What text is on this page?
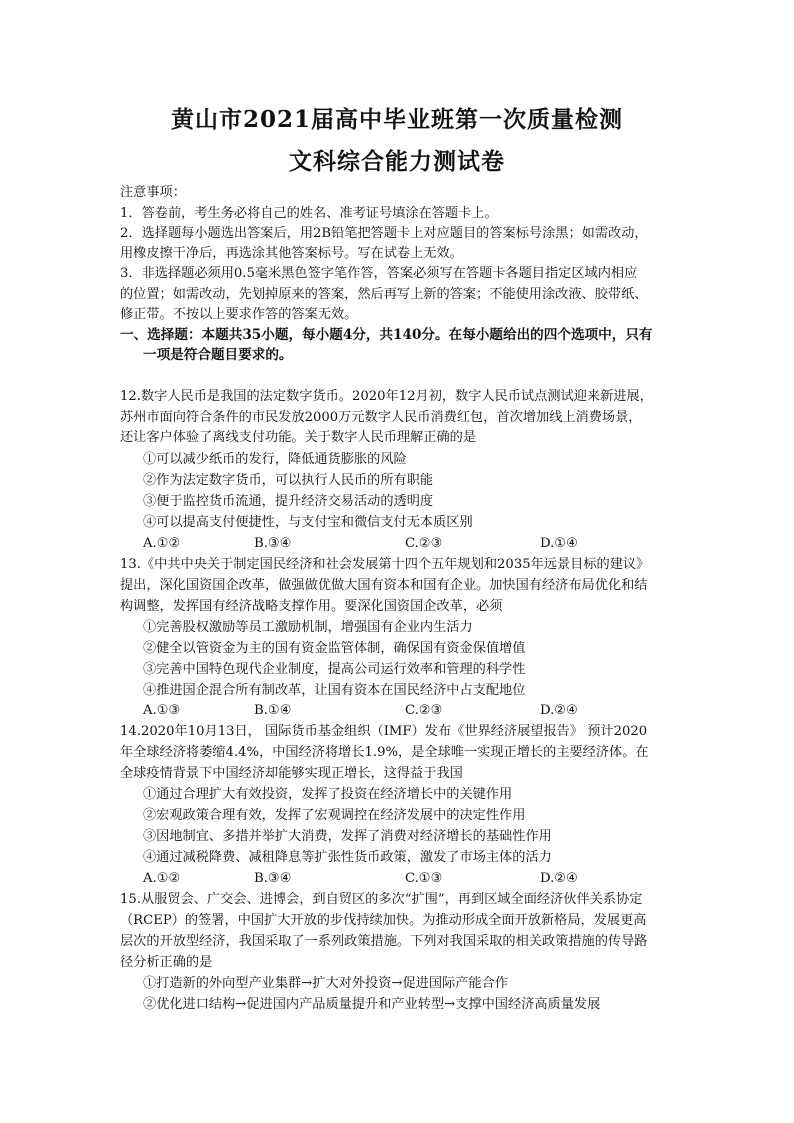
黄山市2021届高中毕业班第一次质量检测
文科综合能力测试卷
注意事项：
1．答卷前，考生务必将自己的姓名、准考证号填涂在答题卡上。
2．选择题每小题选出答案后，用2B铅笔把答题卡上对应题目的答案标号涂黑；如需改动，
用橡皮擦干净后，再选涂其他答案标号。写在试卷上无效。
3．非选择题必须用0.5毫米黑色签字笔作答，答案必须写在答题卡各题目指定区域内相应
的位置；如需改动，先划掉原来的答案，然后再写上新的答案；不能使用涂改液、胶带纸、
修正带。不按以上要求作答的答案无效。
一、选择题：本题共35小题，每小题4分，共140分。在每小题给出的四个选项中，只有
一项是符合题目要求的。
12.数字人民币是我国的法定数字货币。2020年12月初，数字人民币试点测试迎来新进展，
苏州市面向符合条件的市民发放2000万元数字人民币消费红包，首次增加线上消费场景，
还让客户体验了离线支付功能。关于数字人民币理解正确的是
①可以减少纸币的发行，降低通货膨胀的风险
②作为法定数字货币，可以执行人民币的所有职能
③便于监控货币流通，提升经济交易活动的透明度
④可以提高支付便捷性，与支付宝和微信支付无本质区别
A.①②	B.③④	C.②③	D.①④
13.《中共中央关于制定国民经济和社会发展第十四个五年规划和2035年远景目标的建议》
提出，深化国资国企改革，做强做优做大国有资本和国有企业。加快国有经济布局优化和结
构调整，发挥国有经济战略支撑作用。要深化国资国企改革，必须
①完善股权激励等员工激励机制，增强国有企业内生活力
②健全以管资金为主的国有资金监管体制，确保国有资金保值增值
③完善中国特色现代企业制度，提高公司运行效率和管理的科学性
④推进国企混合所有制改革，让国有资本在国民经济中占支配地位
A.①③	B.①④	C.②③	D.②④
14.2020年10月13日， 国际货币基金组织（IMF）发布《世界经济展望报告》 预计2020
年全球经济将萎缩4.4%，中国经济将增长1.9%，是全球唯一实现正增长的主要经济体。在
全球疫情背景下中国经济却能够实现正增长，这得益于我国
①通过合理扩大有效投资，发挥了投资在经济增长中的关键作用
②宏观政策合理有效，发挥了宏观调控在经济发展中的决定性作用
③因地制宜、多措并举扩大消费，发挥了消费对经济增长的基础性作用
④通过减税降费、减租降息等扩张性货币政策，激发了市场主体的活力
A.①②	B.③④	C.①③	D.②④
15.从服贸会、广交会、进博会，到自贸区的多次“扩围”，再到区域全面经济伙伴关系协定
（RCEP）的签署，中国扩大开放的步伐持续加快。为推动形成全面开放新格局，发展更高
层次的开放型经济，我国采取了一系列政策措施。下列对我国采取的相关政策措施的传导路
径分析正确的是
①打造新的外向型产业集群→扩大对外投资→促进国际产能合作
②优化进口结构→促进国内产品质量提升和产业转型→支撑中国经济高质量发展
